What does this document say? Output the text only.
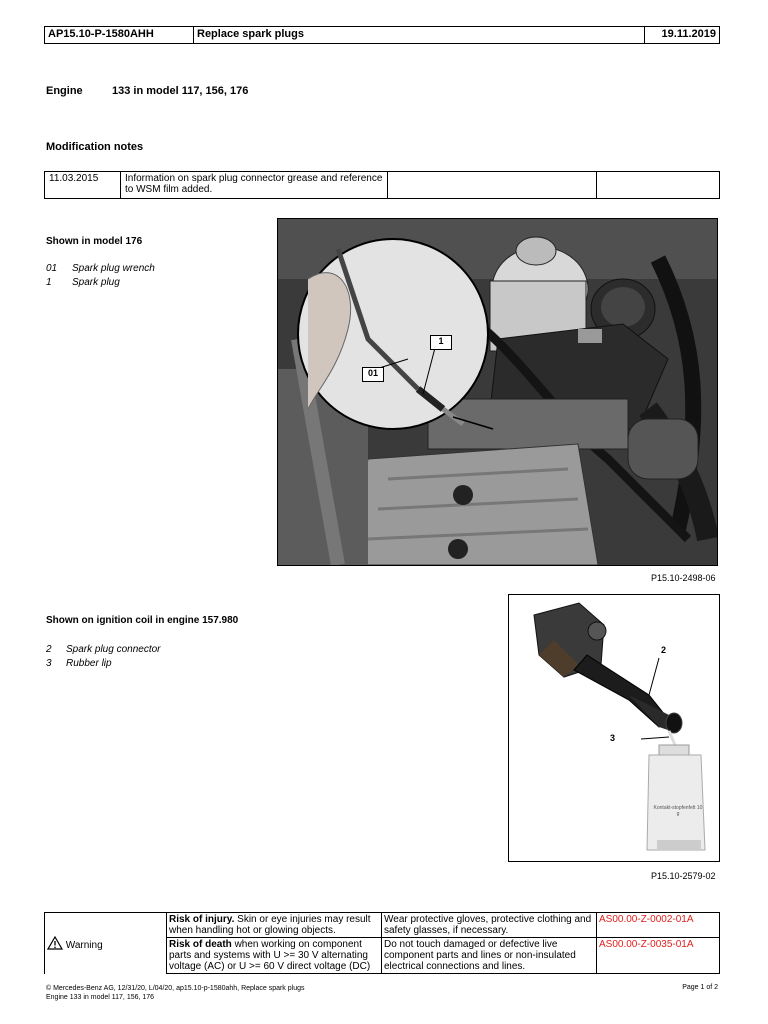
AP15.10-P-1580AHH	Replace spark plugs	19.11.2019
Engine	133 in model 117, 156, 176
Modification notes
11.03.2015	Information on spark plug connector grease and reference to WSM film added.		
Shown in model 176
01 Spark plug wrench
1 Spark plug
1
01
P15.10-2498-06
Shown on ignition coil in engine 157.980
2 Spark plug connector
3 Rubber lip
2
3
Kontakt-stopfenfett 10 g
P15.10-2579-02
Warning	Risk of injury. Skin or eye injuries may result when handling hot or glowing objects.	Wear protective gloves, protective clothing and safety glasses, if necessary.	AS00.00-Z-0002-01A
	Risk of death when working on component parts and systems with U >= 30 V alternating voltage (AC) or U >= 60 V direct voltage (DC)	Do not touch damaged or defective live component parts and lines or non-insulated electrical connections and lines.	AS00.00-Z-0035-01A
© Mercedes-Benz AG, 12/31/20, L/04/20, ap15.10-p-1580ahh, Replace spark plugs
Engine 133 in model 117, 156, 176
Page 1 of 2
